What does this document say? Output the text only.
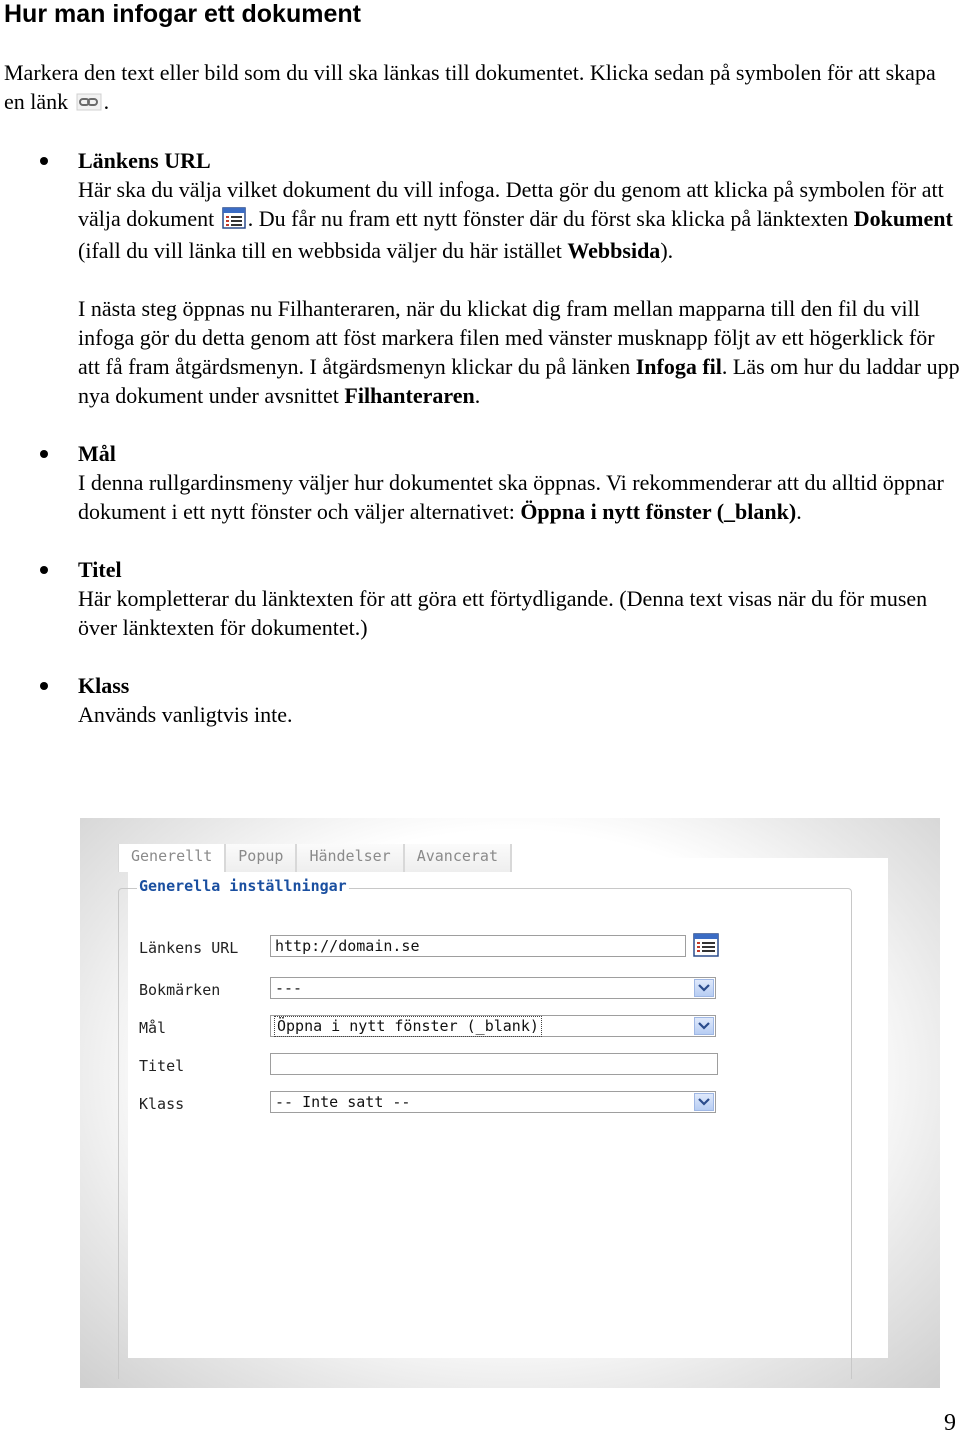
Hur man infogar ett dokument
Markera den text eller bild som du vill ska länkas till dokumentet. Klicka sedan på symbolen för att skapa en länk .

Länkens URL

Här ska du välja vilket dokument du vill infoga. Detta gör du genom att klicka på symbolen för att välja dokument . Du får nu fram ett nytt fönster där du först ska klicka på länktexten Dokument (ifall du vill länka till en webbsida väljer du här istället Webbsida).

I nästa steg öppnas nu Filhanteraren, när du klickat dig fram mellan mapparna till den fil du vill infoga gör du detta genom att föst markera filen med vänster musknapp följt av ett högerklick för att få fram åtgärdsmenyn. I åtgärdsmenyn klickar du på länken Infoga fil. Läs om hur du laddar upp nya dokument under avsnittet Filhanteraren.

Mål

I denna rullgardinsmeny väljer hur dokumentet ska öppnas. Vi rekommenderar att du alltid öppnar dokument i ett nytt fönster och väljer alternativet: Öppna i nytt fönster (_blank).

Titel

Här kompletterar du länktexten för att göra ett förtydligande. (Denna text visas när du för musen över länktexten för dokumentet.)

Klass

Används vanligtvis inte.

Generellt	Popup	Händelser	Avancerat
Generella inställningar
Länkens URL	http://domain.se
Bokmärken	---
Mål	Öppna i nytt fönster (_blank)
Titel
Klass	-- Inte satt --
9
